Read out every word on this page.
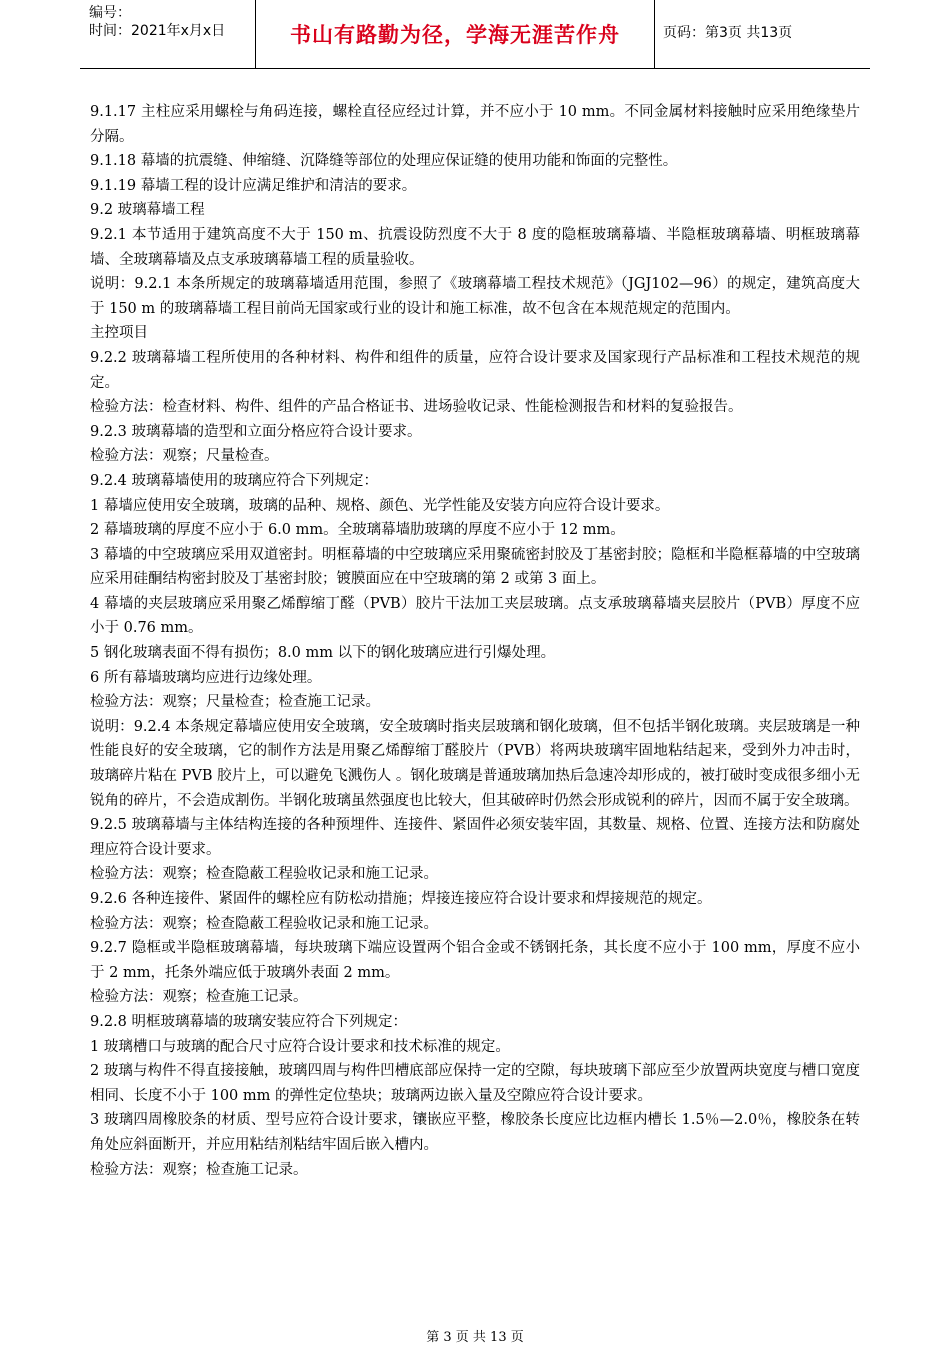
编号：
时间：2021年x月x日	书山有路勤为径，学海无涯苦作舟	页码：第3页 共13页

9.1.17 主柱应采用螺栓与角码连接，螺栓直径应经过计算，并不应小于 10 mm。不同金属材料接触时应采用绝缘垫片分隔。

9.1.18 幕墙的抗震缝、伸缩缝、沉降缝等部位的处理应保证缝的使用功能和饰面的完整性。

9.1.19 幕墙工程的设计应满足维护和清洁的要求。

9.2 玻璃幕墙工程

9.2.1 本节适用于建筑高度不大于 150 m、抗震设防烈度不大于 8 度的隐框玻璃幕墙、半隐框玻璃幕墙、明框玻璃幕墙、全玻璃幕墙及点支承玻璃幕墙工程的质量验收。

说明：9.2.1 本条所规定的玻璃幕墙适用范围，参照了《玻璃幕墙工程技术规范》（JGJ102—96）的规定，建筑高度大于 150 m 的玻璃幕墙工程目前尚无国家或行业的设计和施工标准，故不包含在本规范规定的范围内。

主控项目

9.2.2 玻璃幕墙工程所使用的各种材料、构件和组件的质量，应符合设计要求及国家现行产品标准和工程技术规范的规定。

检验方法：检查材料、构件、组件的产品合格证书、进场验收记录、性能检测报告和材料的复验报告。

9.2.3 玻璃幕墙的造型和立面分格应符合设计要求。

检验方法：观察；尺量检查。

9.2.4 玻璃幕墙使用的玻璃应符合下列规定：

1 幕墙应使用安全玻璃，玻璃的品种、规格、颜色、光学性能及安装方向应符合设计要求。

2 幕墙玻璃的厚度不应小于 6.0 mm。全玻璃幕墙肋玻璃的厚度不应小于 12 mm。

3 幕墙的中空玻璃应采用双道密封。明框幕墙的中空玻璃应采用聚硫密封胶及丁基密封胶；隐框和半隐框幕墙的中空玻璃应采用硅酮结构密封胶及丁基密封胶；镀膜面应在中空玻璃的第 2 或第 3 面上。

4 幕墙的夹层玻璃应采用聚乙烯醇缩丁醛（PVB）胶片干法加工夹层玻璃。点支承玻璃幕墙夹层胶片（PVB）厚度不应小于 0.76 mm。

5 钢化玻璃表面不得有损伤；8.0 mm 以下的钢化玻璃应进行引爆处理。

6 所有幕墙玻璃均应进行边缘处理。

检验方法：观察；尺量检查；检查施工记录。

说明：9.2.4 本条规定幕墙应使用安全玻璃，安全玻璃时指夹层玻璃和钢化玻璃，但不包括半钢化玻璃。夹层玻璃是一种性能良好的安全玻璃，它的制作方法是用聚乙烯醇缩丁醛胶片（PVB）将两块玻璃牢固地粘结起来，受到外力冲击时，玻璃碎片粘在 PVB 胶片上，可以避免飞溅伤人 。钢化玻璃是普通玻璃加热后急速冷却形成的，被打破时变成很多细小无锐角的碎片，不会造成割伤。半钢化玻璃虽然强度也比较大，但其破碎时仍然会形成锐利的碎片，因而不属于安全玻璃。

9.2.5 玻璃幕墙与主体结构连接的各种预埋件、连接件、紧固件必须安装牢固，其数量、规格、位置、连接方法和防腐处理应符合设计要求。

检验方法：观察；检查隐蔽工程验收记录和施工记录。

9.2.6 各种连接件、紧固件的螺栓应有防松动措施；焊接连接应符合设计要求和焊接规范的规定。

检验方法：观察；检查隐蔽工程验收记录和施工记录。

9.2.7 隐框或半隐框玻璃幕墙，每块玻璃下端应设置两个铝合金或不锈钢托条，其长度不应小于 100 mm，厚度不应小于 2 mm，托条外端应低于玻璃外表面 2 mm。

检验方法：观察；检查施工记录。

9.2.8 明框玻璃幕墙的玻璃安装应符合下列规定：

1 玻璃槽口与玻璃的配合尺寸应符合设计要求和技术标准的规定。

2 玻璃与构件不得直接接触，玻璃四周与构件凹槽底部应保持一定的空隙，每块玻璃下部应至少放置两块宽度与槽口宽度相同、长度不小于 100 mm 的弹性定位垫块；玻璃两边嵌入量及空隙应符合设计要求。

3 玻璃四周橡胶条的材质、型号应符合设计要求，镶嵌应平整，橡胶条长度应比边框内槽长 1.5％—2.0％，橡胶条在转角处应斜面断开，并应用粘结剂粘结牢固后嵌入槽内。

检验方法：观察；检查施工记录。

第 3 页 共 13 页
